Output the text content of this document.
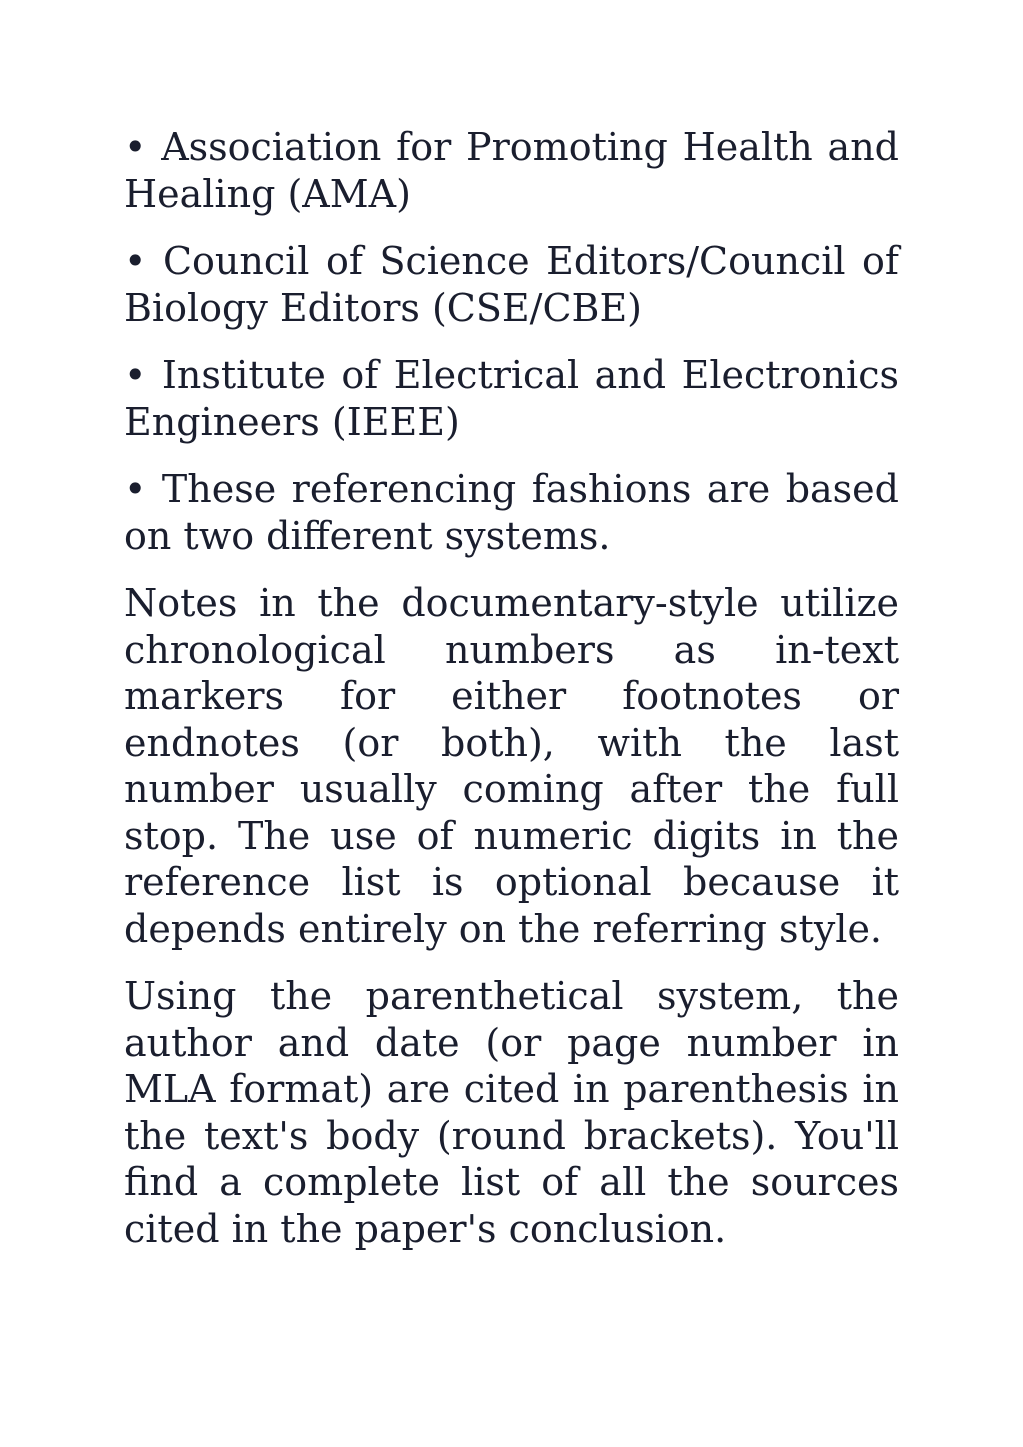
• Association for Promoting Health and Healing (AMA)

• Council of Science Editors/Council of Biology Editors (CSE/CBE)

• Institute of Electrical and Electronics Engineers (IEEE)

• These referencing fashions are based on two different systems.

Notes in the documentary-style utilize chronological numbers as in-text markers for either footnotes or endnotes (or both), with the last number usually coming after the full stop. The use of numeric digits in the reference list is optional because it depends entirely on the referring style.

Using the parenthetical system, the author and date (or page number in MLA format) are cited in parenthesis in the text's body (round brackets). You'll find a complete list of all the sources cited in the paper's conclusion.
